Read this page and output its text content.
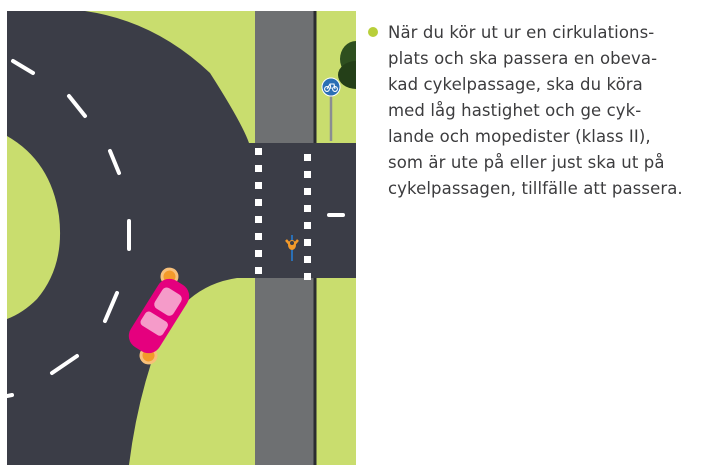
När du kör ut ur en cirkulations-
plats och ska passera en obeva-
kad cykelpassage, ska du köra
med låg hastighet och ge cyk-
lande och mopedister (klass II),
som är ute på eller just ska ut på
cykelpassagen, tillfälle att passera.
